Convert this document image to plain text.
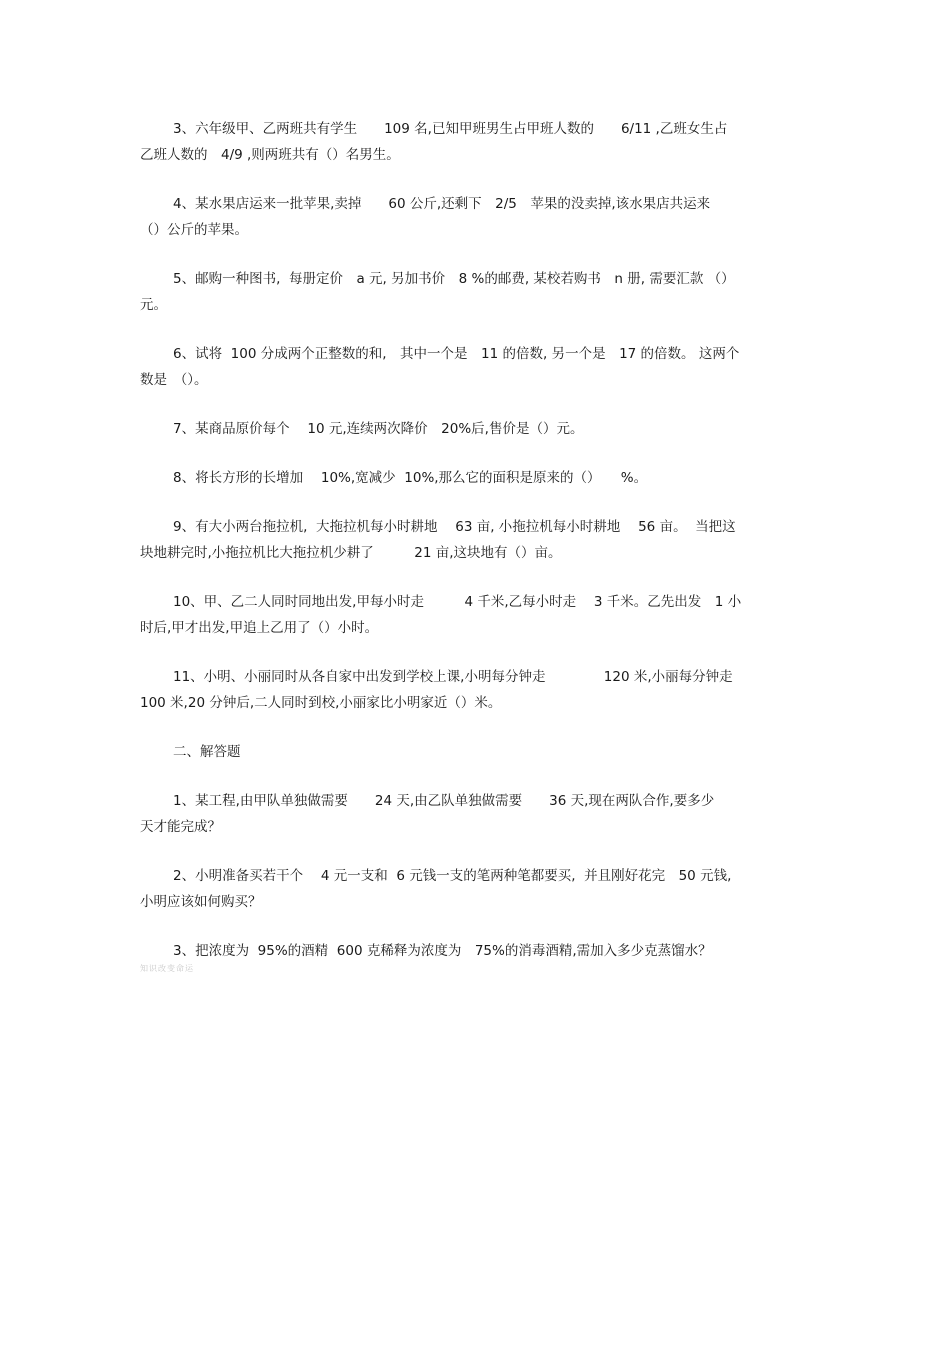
3、六年级甲、乙两班共有学生　　109 名,已知甲班男生占甲班人数的　　6/11 ,乙班女生占
乙班人数的　4/9 ,则两班共有（）名男生。
4、某水果店运来一批苹果,卖掉　　60 公斤,还剩下　2/5　苹果的没卖掉,该水果店共运来
（）公斤的苹果。
5、邮购一种图书,  每册定价　a 元, 另加书价　8 %的邮费, 某校若购书　n 册, 需要汇款 （）
元。
6、试将  100 分成两个正整数的和,　其中一个是　11 的倍数, 另一个是　17 的倍数。 这两个
数是　（）。
7、某商品原价每个　 10 元,连续两次降价　20%后,售价是（）元。
8、将长方形的长增加　 10%,宽减少  10%,那么它的面积是原来的（）　　%。
9、有大小两台拖拉机,  大拖拉机每小时耕地　 63 亩, 小拖拉机每小时耕地　 56 亩。  当把这
块地耕完时,小拖拉机比大拖拉机少耕了　　　21 亩,这块地有（）亩。
10、甲、乙二人同时同地出发,甲每小时走　　　4 千米,乙每小时走　 3 千米。乙先出发　1 小
时后,甲才出发,甲追上乙用了（）小时。
11、小明、小丽同时从各自家中出发到学校上课,小明每分钟走　　　　 120 米,小丽每分钟走
100 米,20 分钟后,二人同时到校,小丽家比小明家近（）米。
二、解答题
1、某工程,由甲队单独做需要　　24 天,由乙队单独做需要　　36 天,现在两队合作,要多少
天才能完成？
2、小明准备买若干个　 4 元一支和  6 元钱一支的笔两种笔都要买,  并且刚好花完　50 元钱,
小明应该如何购买？
3、把浓度为  95%的酒精  600 克稀释为浓度为　75%的消毒酒精,需加入多少克蒸馏水？
知识改变命运
